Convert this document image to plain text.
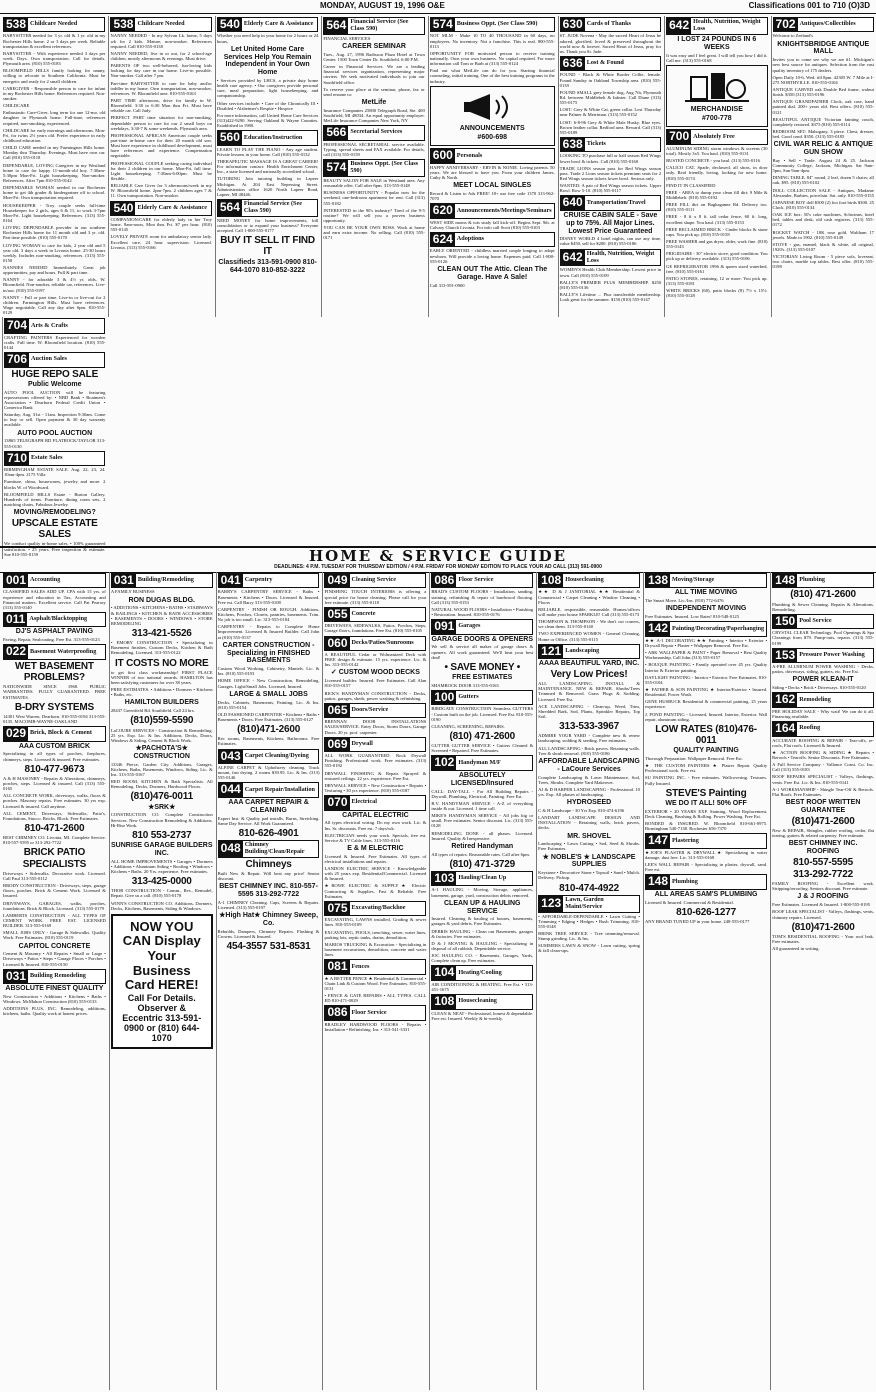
MONDAY, AUGUST 19, 1996 O&E	Classifications 001 to 710 (O)3D
538 Childcare Needed
BABYSITTER needed for 3 yr. old & 1 yr. old in my Rochester Hills home. 2 or 3 days per week. Reliable transportation & excellent references.
BABYSITTER - With experience needed 3 days per week. Days. Own transportation. Call for details. Plymouth area. (810) 555-0183
BLOOMFIELD HILLS family looking for nanny, willing to relocate to Southern California. Must be energetic and ready for 2 small children.
CAREGIVER - Responsible person to care for infant in my Rochester Hills home. References required. Non-smoker.
CHILDCARE
Enthusiastic Care-Giver, long term for one 12-mo. old daughter in Plymouth home. Full-time, references required, non-smoking, experienced.
CHILDCARE for early mornings and afternoons. Mon-Fri, for twins 2½ years old. Prefer experience in early childhood education.
CHILD CARE needed in my Farmington Hills home. Monday thru Thursday. Evenings. Must have own car. Call (810) 555-0118
DEPENDABLE, LOVING Caregiver in my Westland home to care for happy 11-month-old boy. 7:30am-5:30pm Mon-Fri. Light housekeeping. Non-smoker. References. After 7pm 810-555-0142
DEPENDABLE WOMAN needed in our Rochester home to get 4th grader & kindergartner off to school. Mon-Fri. Own transportation required.
HOUSEKEEPER - Troy couple seeks full-time Housekeeper for 2 girls, ages 6 & 11, to work 3-7pm Mon-Fri. Light housekeeping. References. (313) 555-0164
LOVING DEPENDABLE provider in our southern Rochester Hills home for 11 month old and 3 yr. old. Part time possible. (810) 555-0170
LOVING WOMAN to care for kids, 2 year old and 5 year old. 3 days a week in Livonia home. 25-30 hours weekly. Includes non-smoking, references. (313) 555-0150
NANNIES NEEDED Immediately. Great job opportunities, pay and hours. Full & part time.
NANNY - for adorable 3 & 4½ yr. olds, W. Bloomfield. Non-smoker, reliable car, references. Live-in/out. (810) 555-0197
NANNY - Full or part time. Live-in or live-out for 2 children. Farmington Hills. Must have references. Wage negotiable. Call any day after 6pm. 810-555-0129
538 Childcare Needed
NANNY NEEDED - In my Sylvan Lk. home, 5 days wk for 2 kids. Mature, non-smoker. References required. Call 810-555-0138
NANNY NEEDED, live in or out, for 2 school-age children, mostly afternoons & evenings. Must drive.
PARENTS OF two well-behaved, fun-loving kids looking for day care in our home. Live-in possible. Non-smoker. Call after 7 pm.
Part-time BABYSITTER to care for baby and/or toddler in my home. Own transportation, non-smoker, references. W. Bloomfield area. 810-555-0163
PART TIME afternoons, drive for family in W. Bloomfield. 3:30 to 6:30 Mon thru Fri. Must have reliable car. Call Judy.
PERFECT PART time situation for non-smoking, dependable person to care for our 2 small boys on weekdays, 3:30-7 & some weekends. Plymouth area.
PROFESSIONAL AFRICAN American couple seeks part-time in-home care for their 20 month old son. Must have experience in childhood development, must have references and experience. Compensation negotiable.
PROFESSIONAL COUPLE seeking caring individual for their 2 children in our home. Mon-Fri, full time. Light housekeeping. 7:30am-6:00pm. Must be flexible.
RELIABLE Care Giver for 3 afternoons/week in my W. Bloomfield home. 2pm-7pm. 2 children ages 7 & 11. Own transportation. Non-smoker.
540 Elderly Care & Assistance
COMPANION/CARE for elderly lady in her Troy home. 8am-noon, Mon thru Fri. $7 per hour. (810) 555-0145
LOVELY PRIVATE room for ambulatory senior lady. Excellent care, 24 hour supervision. Licensed. Livonia. (313) 555-0166
540 Elderly Care & Assistance
Whether you need help in your home for 2 hours or 24 hours,
Let United Home Care Services Help You Remain Independent in Your Own Home
• Services provided by LHCS, a private duty home health care agency. • Our caregivers provide personal care, meal preparation, light housekeeping, and companionship.
Other services include: • Care of the Chronically Ill • Disabled • Alzheimer's Respite • Hospice
For more information, call United Home Care Services (313)422-9290. Serving Oakland & Wayne Counties. Established in 1980.
560 Education/Instruction
LEARN TO PLAY THE PIANO - Any age student. Private lessons in your home. Call (810) 555-0132
THERAPEUTIC MASSAGE IS A GREAT CAREER! For information contact: Health Enrichment Center, Inc., a state licensed and nationally accredited school.
TUTORING Join tutoring building in Lapeer Michigan. At 204 East Nepessing Street. Administration office 1620 North Lapeer Road, Lapeer, MI 48446.
564 Financial Service (See Class 590)
NEED MONEY for home improvements, bill consolidation or to expand your business? Everyone accepted. Call 1-800-555-0177
BUY IT SELL IT FIND IT
Classifieds 313-591-0900 810-644-1070 810-852-3222
564 Financial Service (See Class 590)
FINANCIAL SERVICES
CAREER SEMINAR
Tues., Aug. 27, 1996 Radisson Plaza Hotel at Town Center. 1500 Town Center Dr. Southfield. 6:00 P.M.
Career in Financial Services. We are a leading financial services organization, representing major carriers. We seek motivated individuals to join our Southfield office.
To reserve your place at the seminar, phone, fax or send resume to:
MetLife
Insurance Companies 25800 Telegraph Road, Ste. 400 Southfield, MI 48034. An equal opportunity employer. MetLife Insurance Companies New York, NY
566 Secretarial Services
PROFESSIONAL SECRETARIAL service available. Typing, spread sheets and FAX available. For details, call (313) 555-0159
574 Business Oppt. (See Class 590)
BEAUTY SALON FOR SALE in Westland area. Any reasonable offer. Call after 6pm. 313-555-0148
BUSINESS OPPORTUNITY - Popular now for the weekend, one-bedroom apartment for rent. Call (313) 555-0182
INTERESTED in the 90's industry? Tired of the 9-5 routine? We will sell you a proven business opportunity.
YOU CAN BE YOUR OWN BOSS. Work at home and earn extra income. No selling. Call (810) 555-0171
574 Business Oppt. (See Class 590)
NOT MLM - Make 10 TO 40 THOUSAND in 60 days, no employees. No inventory. Not a franchise. This is real. 800-555-0113
OPPORTUNITY FOR motivated person to receive training nationally. Own your own business. No capital required. For more information call Tom or Barb at (313) 555-0124
Find out what MetLife can do for you. Starting financial counseling, initial training. One of the best training programs in the industry.
ANNOUNCEMENTS
#600-698
600 Personals
HAPPY ANNIVERSARY - ERVIN & NONIE. Loving parents. 50 years. We are blessed to have you. From your children James, Cathy & North.
MEET LOCAL SINGLES
Record & Listen to Ads FREE! 18+ use free code 1370 313-962-7070
620 Announcements/Meetings/Seminars
WEST SIDE moms & tots study fall kick-off. Begins Sept. 9th. at Calvary Church Livonia. For info call Scott (810) 555-0103
624 Adoptions
EARLY ORIENTED - childless married couple longing to adopt newborn. Will provide a loving home. Expenses paid. Call 1-800-555-0126
CLEAN OUT The Attic. Clean The Garage. Have A Sale!
Call 313-591-0900
630 Cards of Thanks
ST. JUDE Novena - May the sacred Heart of Jesus be adored, glorified, loved & preserved throughout the world now & forever. Sacred Heart of Jesus, pray for us. Thank you St. Jude.
636 Lost & Found
FOUND - Black & White Border Collie, female. Found Sunday in Oakland Township area. (810) 555-0139
FOUND SMALL grey female dog, Aug 7th, Plymouth Rd. between Middlebelt & Inkster. Call Diane (313) 555-0175
LOST: Grey & White Cat, green collar. Lost Thursday near Palmer & Merriman. (313) 555-0152
LOST: 6-8-96 Grey & White Male Husky. Blue eyes. Brown leather collar. Redford area. Reward. Call (313) 555-0189
638 Tickets
LOOKING TO purchase full or half season Red Wings lower bowl & tickets. Call (810) 555-0160
TRADE LIONS season pass for Red Wings season pass. Trade 2 Lions season tickets premium seats for 2 Red Wings season tickets lower bowl. Serious only.
WANTED: A pair of Red Wings season tickets. Upper Bowl. Row 5-10. (810) 555-0117
640 Transportation/Travel
CRUISE CABIN SALE - Save up to 75%. All Major Lines. Lowest Price Guaranteed
DISNEY WORLD 4 hotel nights, can use any time, value $450, sell for $200. (810) 555-0186
642 Health, Nutrition, Weight Loss
WOMEN'S Health Club Membership. Lowest price in town. Call (810) 555-0109
BALLY'S PREMIER PLUS MEMBERSHIP. $250 (810) 555-0136
BALLY'S Lifetime ... Plus transferable membership. Look great for the summer. $150 (810) 555-0147
642 Health, Nutrition, Weight Loss
I LOST 24 POUNDS IN 6 WEEKS
It was easy and I feel great. I will tell you how I did it. Call me. (313) 555-0168
MERCHANDISE
#700-778
700 Absolutely Free
ALUMINUM SIDING storm windows & screens (30 total). Mostly 3x5. You haul. (810) 555-0131
BUSTED CONCRETE - you haul. (313) 555-0116
CALICO CAT, Spade, declawed, all shots, in door only. Real friendly, loving, looking for new home. (810) 555-0174
FIND IT IN CLASSIFIED
FREE - AREA to dump your clean fill dirt: 9 Mile & Middlebelt. (810) 555-0192
FREE FILL dirt on Baghaganne Rd. Delivery too. (810) 555-0111
FREE - 8 ft x 8 ft. tall cedar fence, 60 ft. long, excellent shape. You haul. (313) 555-0153
FREE RECLAIMED BRICK - Cinder blocks & stone caps. You pick up. (810) 555-0158
FREE WASHER and gas dryer, older, work fine. (810) 555-0143
FRIGIDAIRE - 30" electric stove, good condition. You pick up or delivery available. (313) 555-0106
GE REFRIGERATOR 1996 & queen sized waterbed, free. (810) 555-0161
PATIO STONES, retaining, 12 or more. You pick up. (313) 555-0181
WHITE BRICKS (60), patio blocks (8) 7½ x 15½. (810) 555-0128
702 Antiques/Collectibles
Welcome to Zeeland's
KNIGHTSBRIDGE ANTIQUE MALL
Invites you to come see why we are #1. Michigan's new best source for antiques. Selection from the vast quality inventory of 175 dealers.
Open Daily 10-6, Wed. till 8pm. 42305 W. 7 Mile at I-275 NORTHVILLE. 810-555-0104
ANTIQUE CARVED oak Double Bed frame, walnut finish. $350 (313) 555-0196
ANTIQUE GRANDFATHER Clock, oak case, hand painted dial. 200+ years old. Best offers. (810) 555-0121
BEAUTIFUL ANTIQUE Victorian fainting couch, completely restored. $375 (810) 555-0114
BEDROOM SET: Mahogany, 3 piece. Chest, dresser, bed. Good cond. $350. (313) 555-0185
CIVIL WAR RELIC & ANTIQUE GUN SHOW
Buy • Sell • Trade. August 24 & 25. Jackson Community College, Jackson, Michigan. Sat 9am-5pm, Sun 9am-4pm.
DINING TABLE, 84" round, 2 leaf, dozen 5 chairs; all oak. $95. (810) 555-0102
DOLL COLLECTION SALE - Antiques, Madame Alexander, Barbies, porcelain. Sat. only. 810-555-0155
JAPANESE BOY doll $500 (2) foo foot birds $300. 25 Clock. (810) 555-0134
OAK ICE box: 50's coke machines, Schwinns, hotel bed, tables and desk, old cash registers. (313) 555-0172
ROCKET WATCH - 18K rose gold. Waltham 17 jewels. Made in 1902. (810) 555-0149
STOVE - gas, enamel, black & white, all original, 1920's. (313) 555-0107
VICTORIAN Living Room - 5 piece sofa, loveseat, two chairs, marble top tables. Best offer. (810) 555-0198
704 Arts & Crafts
CRAFTING PAINTERS Experienced for wooden crafts. Full time. W. Bloomfield location. (810) 555-0144
706 Auction Sales
HUGE REPO SALE
Public Welcome
AUTO POOL AUCTION will be featuring repossessions offered by: • NBD Bank • Boatmen's Association • Dearborn Federal Credit Union • Comerica Bank
Saturday, Aug. 31st - 11am. Inspection 9:30am. Come to buy or sell. Open payment & 30 day warranty available.
AUTO POOL AUCTION
13865 TELEGRAPH RD FLATROCK/TAYLOR 313-555-0130
710 Estate Sales
BIRMINGHAM ESTATE SALE. Aug. 22, 23, 24. 10am-4pm. 2175 Villa
Furniture, china, housewares, jewelry and more. 2 blocks W. of Woodward.
BLOOMFIELD HILLS Estate - Burton Gallery. Hundreds of items. Furniture, dining room sets, 2 matching chairs, Fabulous Jewelry.
MOVING/REMODELING?
UPSCALE ESTATE SALES
We conduct quality in-home sales. • 100% guaranteed satisfaction. • 25 years. Free inspection & estimate. Sue 810-555-0159	HOME & SERVICE GUIDE
DEADLINES: 4 P.M. TUESDAY FOR THURSDAY EDITION / 4 P.M. FRIDAY FOR MONDAY EDITION TO PLACE YOUR AD CALL (313) 591-0900
001 Accounting
CLASSIFIED SALES ADD UP. CPA with 15 yrs. of experience and education in Tax, Accounting and Financial matters. Excellent service. Call Pat Pearsey (313) 555-0140
011 Asphalt/Blacktopping
DJ'S ASPHALT PAVING
Paving, Repair, Sealcoating. Free Est. 313-555-0123
022 Basement Waterproofing
WET BASEMENT PROBLEMS?
NATIONWIDE SINCE 1968. PUBLIC WARRANTIES. FULLY GUARANTEED. FREE ESTIMATES.
B-DRY SYSTEMS
14301 West Warren, Dearborn. 810-555-0194 313-555-0135. MACOMB-WAYNE-OAKLAND
029 Brick, Block & Cement
AAA CUSTOM BRICK
Specializing in all types of porches, fireplaces, chimneys, steps. Licensed & insured. Free estimates.
810-477-9673
A & H MASONRY - Repairs & Alterations, chimneys, porches, steps. Licensed & insured. Call (313) 555-0165
ALL CONCRETE WORK, driveways, walks, floors & porches. Masonry repairs. Free estimates. 30 yrs exp. Licensed & insured. Call anytime.
ALL CEMENT, Driveways, Sidewalks, Patio's, Foundations, Stucco. Bricks, Block. Free Estimates.
810-471-2600
BEST CHIMNEY CO. Livonia, MI. Complete Service. 810-557-5595 or 313-292-7722
BRICK PATIO SPECIALISTS
Driveways • Sidewalks. Decorative work. Licensed. Call Paul 313-555-0112
BRODY CONSTRUCTION - Driveways, steps, garage floors, porches. Brick & Cement Work. Licensed & Insured.
DRIVEWAYS, GARAGES, walks, porches, foundations. Brick & Block. Licensed. (313) 555-0179
LAMBERTS CONSTRUCTION - ALL TYPES OF CEMENT WORK. FREE EST. LICENSED BUILDER. 313-555-0169
SMALL JOBS ONLY - Garage & Sidewalks. Quality Work. Free Estimates. (810) 555-0119
CAPITOL CONCRETE
Cement & Masonry • All Repairs • Small or Large • Driveways • Patios • Steps • Garage Floors • Porches • Licensed & Insured. 810-555-0150
031 Building Remodeling
ABSOLUTE FINEST QUALITY
New Construction • Additions • Kitchens • Baths • Windows. McMahon Construction (810) 555-0133
ADDITIONS PLUS, INC. Remodeling, additions, kitchens, baths. Quality work at honest prices.
031 Building/Remodeling
A FAMILY BUSINESS
RON DUGAS BLDG.
• ADDITIONS • KITCHENS • BATHS • STAIRWAYS & RAILINGS • KITCHEN & BATH ACCESSORIES • BASEMENTS • DOORS • WINDOWS • STORE REMODELING
313-421-5526
• EMORY CONSTRUCTION • Specializing in Basement finishes, Custom Decks, Kitchen & Bath Remodeling. Licensed. 313-555-0122
IT COSTS NO MORE
to get first class workmanship! FIRST PLACE WINNER of two national awards. HAMILTON has been satisfying customers for over 38 years.
FREE ESTIMATES. • Additions • Dormers • Kitchens • Baths, etc.
HAMILTON BUILDERS
28437 Greenfield Rd. Southfield. Call 24 hrs.
(810)559-5590
LaCOURE SERVICES - Construction & Remodeling. 25 yrs. Exp. Lic. & Ins. Additions, Decks, Doors, Windows & Siding, Cement & Block Work.
★PACHOTA'S★ CONSTRUCTION
13346 Pierce, Garden City. Additions, Garages, Kitchens, Baths, Basements, Windows, Siding. Lic. & Ins. 313-555-0167
RED ROOM, KITCHEN & Bath Specialists. All Remodeling. Decks, Dormers, Hardwood Floors.
(810)476-0011
★SRK★
CONSTRUCTION CO. Complete Construction Services. New Construction Remodeling & Additions. Hi-Rise Work.
810 553-2737
SUNRISE GARAGE BUILDERS INC.
ALL HOME IMPROVEMENTS • Garages • Dormers • Additions • Aluminum Siding • Roofing • Windows • Kitchens • Baths. 20 Yrs. experience. Free estimates.
313-425-0000
THOR CONSTRUCTION - Comm., Res., Remodel, Repair. Give us a call. (810) 555-0178
WINN'S CONSTRUCTION CO. Additions, Dormers, Decks, Kitchens, Basements, Siding & Windows.
NOW YOU CAN Display Your Business Card HERE!
Call For Details. Observer & Eccentric 313-591-0900 or (810) 644-1070
041 Carpentry
BARRY'S CARPENTRY SERVICE - Baths • Basements • Kitchens • Doors. Licensed & Insured. Free est. Call Barry 313-555-0108
CARPENTRY - FINISH OR ROUGH. Additions, Kitchens, Porches, Closets, pantries, basements. Trim. No job is too small. Lic. 313-555-0184
CARPENTRY - Repairs to Complete Home Improvement. Licensed & Insured Builder. Call John at (810) 555-0137
CARTER CONSTRUCTION - Specializing in FINISHED BASEMENTS
Custom Wood Working, Cabinetry, Mantels. Lic. & Ins. (810) 555-0193
HOME OFFICE - New Construction, Remodeling, Garages. Light/Small Jobs. Licensed, Insured.
LARGE & SMALL JOBS
Decks, Cabinets, Basements, Painting. Lic. & Ins. (810) 555-0154
OLD FASHIONED CARPENTER • Kitchens • Baths • Basements • Doors. Free Estimates. (313) 555-0127
(810)471-2600
Rec rooms, Basements, Kitchens, Bathrooms. Free Estimates.
043 Carpet Cleaning/Dyeing
ALPINE CARPET & Upholstery cleaning. Truck mount, fast drying. 2 rooms $39.95. Lic. & Ins. (313) 555-0146
044 Carpet Repair/Installation
AAA CARPET REPAIR & CLEANING
Expert Inst. & Quality pad installs, Burns, Stretching. Same Day Service. All Work Guaranteed.
810-626-4901
048 Chimney Building/Clean/Repair
Chimneys
Built New & Repair. Will beat any price! Senior discount.
BEST CHIMNEY INC. 810-557-5595 313-292-7722
A-1 CHIMNEY Cleaning. Caps, Screens & Repairs. Licensed. (313) 555-0197
★High Hat★ Chimney Sweep, Co.
Rebuilds, Dampers, Chimney Repairs. Flashing & Crowns. Licensed & Insured.
454-3557 531-8531
049 Cleaning Service
FINISHING TOUCH INTERIORS is offering a special price for house cleaning. Please call for your free estimate. (313) 555-0118
055 Concrete
DRIVEWAYS, SIDEWALKS, Patios, Porches, Steps, Garage floors, foundations. Free Est. (810) 555-0105
060 Decks/Patios/Sunrooms
A BEAUTIFUL Cedar or Wolmanized Deck with FREE design & estimate. 15 yrs. experience. Lic. & Ins. 313-555-0142
✓ CUSTOM WOOD DECKS
Licensed builder. Insured. Free Estimates. Call Alan 810-555-0157
RICK'S HANDYMAN CONSTRUCTION - Decks, patios, garages, sheds, power washing & refinishing.
065 Doors/Service
BRENNAN DOOR INSTALLATIONS SALES/SERVICE. Entry Doors, Storm Doors, Garage Doors. 20 yr. prof. carpenter.
069 Drywall
ALL WORK GUARANTEED. Rock Drywall Finishing. Professional work. Free estimates. (313) 555-0192
DRYWALL FINISHING & Repair. Sprayed & textured ceilings. 22 yrs. experience. Free Est.
DRYWALL SERVICE • New Construction • Repairs • Texturing • 30 yrs experience. (810) 555-0187
070 Electrical
CAPITAL ELECTRIC
All types electrical wiring. Do my own work. Lic. & Ins. Sr. discounts. Free est. 7 days/wk.
ELECTRICIAN needs your work. Specials, free est. Service & TV Cable lines. 313-555-0116
E & M ELECTRIC
Licensed & Insured. Free Estimates. All types of electrical installations and repairs.
LANDON ELECTRIC SERVICE - Knowledgeable with 25 years exp. Residential/Commercial. Licensed & Insured.
★ROWE ELECTRIC & SUPPLY★ Electric Contracting & Supplies. Fast & Reliable. Free Estimates.
075 Excavating/Backhoe
EXCAVATING, LAWNS installed, Grading & sewer lines. 810-555-0109
EXCAVATING, POOLS, trenching, sewer, water lines, parking lots, septic tanks, drains, demolition.
MARIOS TRUCKING & Excavation - Specializing in basement excavations, demolition, concrete and water lines.
081 Fences
★ A BETTER FENCE ★ Residential & Commercial • Chain Link & Custom Wood. Free Estimates. 810-555-0131
• FENCE & GATE REPAIRS • ALL TYPES. CALL ED 810-471-0029
086 Floor Service
BRADLEY HARDWOOD FLOORS - Repairs • Installation • Refinishing. Ins. • 313-541-3331
086 Floor Service
BRAD'S CUSTOM FLOORS - Installation, sanding, staining, refinishing & repair of hardwood flooring. Call (313) 555-0153
NATURAL WOOD FLOORS • Installation • Finishing • Restoration. Insured. 810-555-0176
091 Garages
GARAGE DOORS & OPENERS
We sell & service all makes of garage doors & openers. All work guaranteed. We'll beat your best deal!
• SAVE MONEY •
FREE ESTIMATES
SHAMROCK DOOR 313-555-0163
100 Gutters
BIRDGATE CONSTRUCTION Seamless GUTTERS - Custom built on the job. Licensed. Free Est. 810-555-0190
CLEANING, SCREENING, REPAIRS.
(810) 471-2600
GUTTER GUTTER SERVICE • Gutters Cleaned & Screened • Repaired. Free Estimates.
102 Handyman M/F
ABSOLUTELY LICENSED/Insured
CALL: DAY-TALL - For All Building Repairs - Drywall, Plumbing, Electrical, Painting. Free Est.
B.V. HANDYMAN SERVICE - A-Z of everything inside & out. Licensed. 1 time call.
MIKE'S HANDYMAN SERVICE - All jobs big or small. Free estimates. Senior discount. Lic. (313) 555-0128
REMODELING DONE - all phases. Licensed. Insured. Quality & Inexpensive.
Retired Handyman
All types of repairs. Reasonable rates. Call after 6pm.
(810) 471-3729
103 Hauling/Clean Up
A-1 HAULING - Moving, Storage, appliances, basement, garage, yard, construction debris removed.
CLEAN UP & HAULING SERVICE
Insured. Cleaning & hauling of houses, basements, garages & yard debris. Free Estimates.
DEBRIS HAULING - Clean out Basements, garages & factories. Free estimates.
D & J MOVING & HAULING - Specializing in disposal of all rubbish. Dependable service.
JOC HAULING CO. - Basements, Garages, Yards, Complete clean up. Free estimates.
104 Heating/Cooling
AIR CONDITIONING & HEATING. Free Est. • 313-451-1675
108 Housecleaning
CLEAN & NEAT - Professional, honest & dependable. Free est. Insured. Weekly & bi-weekly.
108 Housecleaning
★★ D & J JANITORIAL ★★ Residential & Commercial • Carpet Cleaning • Window Cleaning • Floors
RELIABLE, responsible, reasonable. Homes/offices will make your house SPARKLE! Call (313) 555-0173
THOMPSON & THOMPSON - We don't cut corners, we clean them. 313-555-0140
TWO EXPERIENCED WOMEN - General Cleaning, Home or Office. (313) 555-0115
121 Landscaping
AAAA BEAUTIFUL YARD, INC.
Very Low Prices!
ALL LANDSCAPING. INSTALL & MAINTENANCE. NEW & REPAIR. Shrubs/Trees Trimmed & Removed. Grass Plugs & Sodding. Licensed. Free Est.
ACE LANDSCAPING - Clean-up, Weed, Trim, Shredded Bark, Sod, Plants, Sprinkler Repairs, Top Soil.
313-533-3967
ADMIRE YOUR YARD - Complete new & renew landscaping, sodding & seeding. Free estimates.
ALL LANDSCAPING - Brick pavers. Retaining walls. Tree & shrub removal. (810) 555-0186
AFFORDABLE LANDSCAPING - LaCoure Services
Complete Landscaping & Lawn Maintenance. Sod, Trees, Shrubs. Complete Yard Makeover.
AJ & D HARPER LANDSCAPING - Professional. 10 yrs. Exp. All phases of landscaping.
HYDROSEED
C & H Landscape - 30 Yrs Exp. 810-474-6196
LANDART LANDSCAPE DESIGN AND INSTALLATION - Retaining walls, brick pavers, decks.
MR. SHOVEL
Landscaping • Lawn Cutting • Sod, Seed & Shrubs. Free Estimates.
★ NOBLE'S ★ LANDSCAPE SUPPLIES
Keystone • Decorative Stone • Topsoil • Sand • Mulch. Delivery. Pickup.
810-474-4922
123 Lawn, Garden Maint/Service
• AFFORDABLE-DEPENDABLE • Lawn Cutting • Trimming • Edging • Hedges • Bush Trimming. 810-555-0148
BRINK TREE SERVICE - Tree trimming/removal. Stump grinding. Lic. & Ins.
SUMMERS LAWN & SNOW - Lawn cutting, spring & fall clean-ups.
138 Moving/Storage
ALL TIME MOVING
The Smart Move. Lic./Ins. (810) 772-6476
INDEPENDENT MOVING
Free Estimates. Insured. Low Rates! 810-548-0125
142 Painting/Decorating/Paperhanging
★★ A-1 DECORATING ★★ Painting • Interior • Exterior • Drywall Repair • Plaster • Wallpaper Removal. Free Est.
• ARK WALLPAPER & PAINT • Paper Removal • Best Quality Workmanship. Call John (313) 555-0157
• BOUQUE PAINTING • Family operated over 45 yrs. Quality Interior & Exterior painting.
DAYLIGHT PAINTING - Interior • Exterior. Free Estimates. 810-555-0104
★ FATHER & SON PAINTING ★ Interior/Exterior • Insured. Residential. Power Wash.
GENE HUSBUCK Residential & commercial painting. 25 years experience.
J. POND PAINTING - Licensed, Insured. Interior, Exterior. Wall repair, aluminum siding.
LOW RATES (810)476-0011
QUALITY PAINTING
Thorough Preparation. Wallpaper Removal. Free Est.
★ THE CUSTOM PAINTERS ★ Plaster Repair. Quality Professional work. Free est.
SU PAINTING INC. - Free estimates. Wallcovering. Textures. Fully Insured.
STEVE'S Painting
WE DO IT ALL! 50% OFF
EXTERIOR • 20 YEARS EXP. Staining, Wood Replacement, Deck Cleaning, Brushing & Rolling. Power Washing. Free Est.
BONDED & INSURED. W. Bloomfield 810-661-0975. Birmingham 540-7138. Rochester 656-7370
147 Plastering
★JOE'S PLASTER & DRYWALL★ Specializing in water damage, dust free. Lic. 313-555-0168
LEE'S WALL REPAIR - Specializing in plaster, drywall, sand. Free est.
148 Plumbing
ALL AREAS SAM'S PLUMBING
Licensed & Insured. Commercial & Residential.
810-626-1277
ANY BRAND TUNED UP in your home. 248-555-0177
148 Plumbing
(810) 471-2600
Plumbing & Sewer Cleaning. Repairs & Alterations. Remodeling.
150 Pool Service
CRYSTAL CLEAR Technology. Pool Openings & Spa Cleanings from $79. Pump-outs, repairs. (313) 555-0199
153 Pressure Power Washing
A-FRE ALUMINUM POWER WASHING - Decks, patios, driveways, siding, gutters, etc. Free Est.
POWER KLEAN-IT
Siding • Decks • Brick • Driveways. 810-555-0120
162 Remodeling
PRE HOLIDAY SALE - Why wait! We can do it all. Financing available.
164 Roofing
ACCURATE ROOFING & REPAIR - Tear-offs, re-roofs, Flat roofs. Licensed & Insured.
★ ACTION ROOFING & SIDING ★ Repairs • Reroofs • Tearoffs. Senior Discounts. Free Estimates.
A Full Service Company - Vallance Const. Co. Inc. Call (313) 555-0183
ROOF REPAIRS SPECIALIST - Valleys, flashings, vents. Free Est. Lic. & Ins. 810-555-0141
A-1 WORKMANSHIP - Shingle Tear-Off & Reroofs. Flat Roofs. Free Estimates.
BEST ROOF WRITTEN GUARANTEE
(810)471-2600
New & REPAIR, Shingles, rubber roofing, cedar, flat tearing, gutters & related carpentry. Free estimate.
BEST CHIMNEY INC. ROOFING
810-557-5595
313-292-7722
FAMILY ROOFING - Excellent work. Stripping/reroofing. Seniors discount. Free estimate.
J & J ROOFING
Free Estimates. Licensed & Insured. 1-800-555-0195
ROOF LEAK SPECIALIST - Valleys, flashings, vents, chimney repairs. Licensed.
(810)471-2600
TOM'S RESIDENTIAL ROOFING - Your roof leak. Free estimates.
All guaranteed in writing.
